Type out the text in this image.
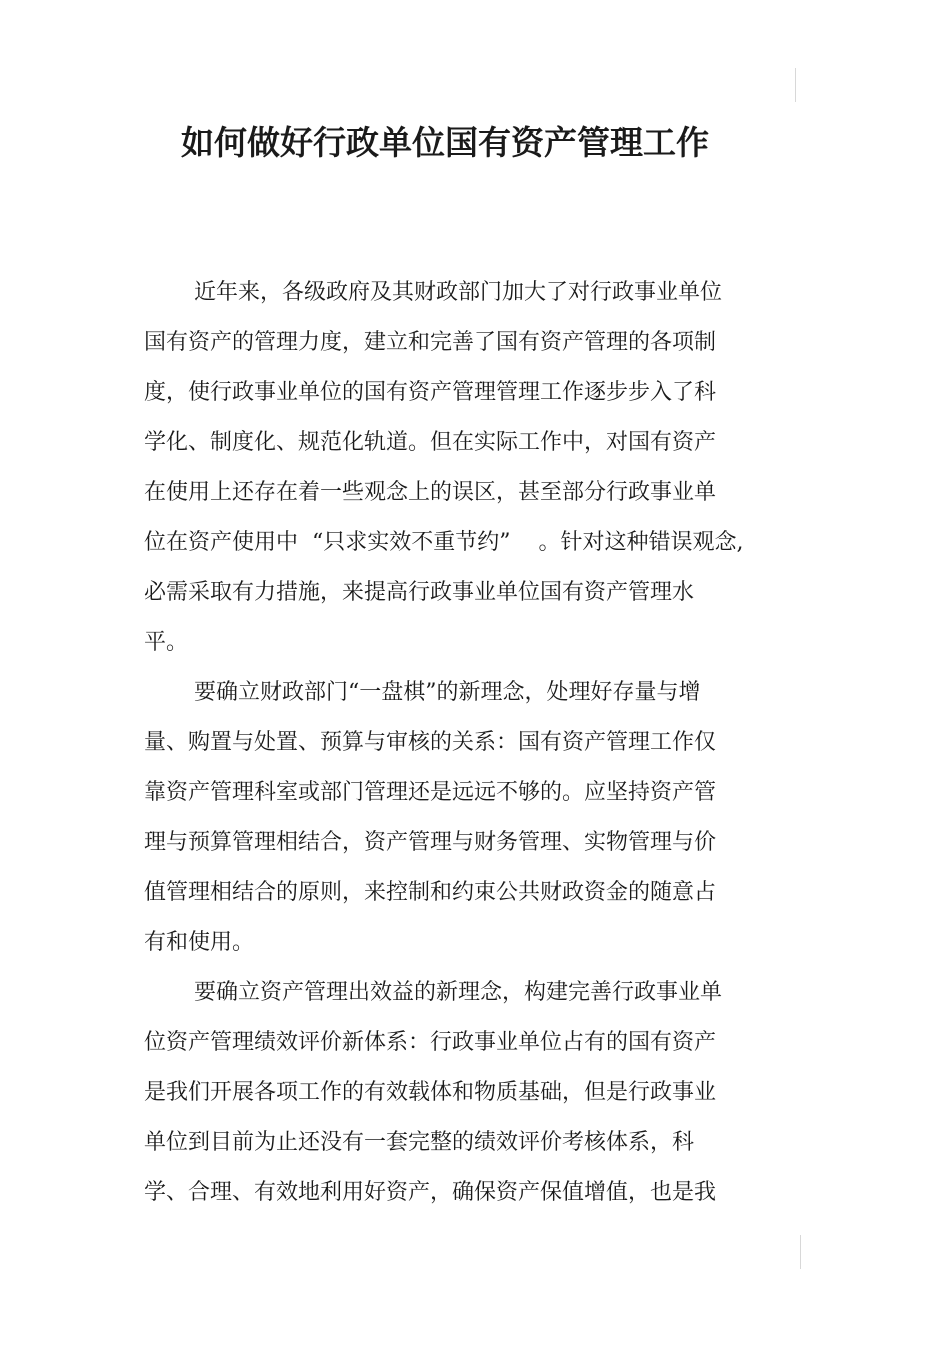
如何做好行政单位国有资产管理工作
近年来，各级政府及其财政部门加大了对行政事业单位
国有资产的管理力度，建立和完善了国有资产管理的各项制
度，使行政事业单位的国有资产管理管理工作逐步步入了科
学化、制度化、规范化轨道。但在实际工作中，对国有资产
在使用上还存在着一些观念上的误区，甚至部分行政事业单
位在资产使用中  “只求实效不重节约”    。针对这种错误观念,
必需采取有力措施，来提高行政事业单位国有资产管理水
平。
要确立财政部门“一盘棋”的新理念，处理好存量与增
量、购置与处置、预算与审核的关系：国有资产管理工作仅
靠资产管理科室或部门管理还是远远不够的。应坚持资产管
理与预算管理相结合，资产管理与财务管理、实物管理与价
值管理相结合的原则，来控制和约束公共财政资金的随意占
有和使用。
要确立资产管理出效益的新理念，构建完善行政事业单
位资产管理绩效评价新体系：行政事业单位占有的国有资产
是我们开展各项工作的有效载体和物质基础，但是行政事业
单位到目前为止还没有一套完整的绩效评价考核体系，科
学、合理、有效地利用好资产，确保资产保值增值，也是我
